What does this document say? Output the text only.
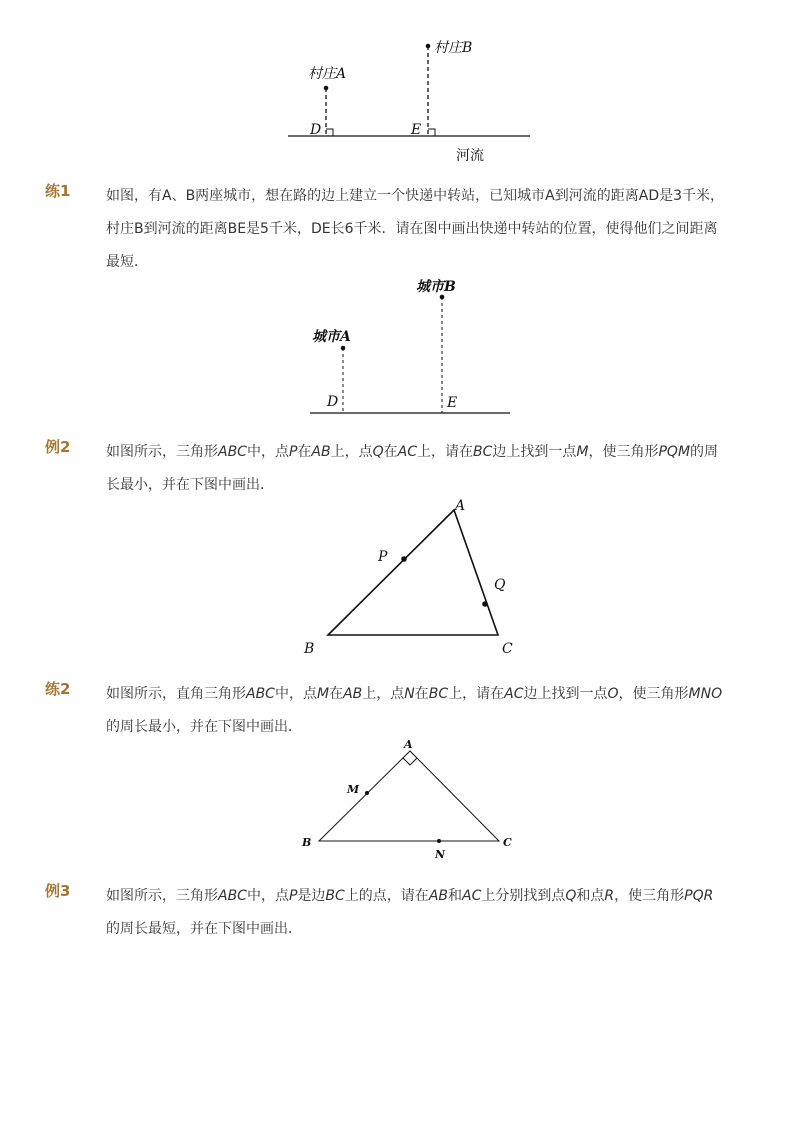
村庄A
村庄B
D	E
河流
练1	如图，有A、B两座城市，想在路的边上建立一个快递中转站，已知城市A到河流的距离AD是3千米，村庄B到河流的距离BE是5千米，DE长6千米．请在图中画出快递中转站的位置，使得他们之间距离最短．
城市A
城市B
D	E
例2	如图所示，三角形ABC中，点P在AB上，点Q在AC上，请在BC边上找到一点M，使三角形PQM的周长最小，并在下图中画出．
A
B	C
P
Q
练2	如图所示，直角三角形ABC中，点M在AB上，点N在BC上，请在AC边上找到一点O，使三角形MNO的周长最小，并在下图中画出．
A
B	C
M
N
例3	如图所示，三角形ABC中，点P是边BC上的点，请在AB和AC上分别找到点Q和点R，使三角形PQR的周长最短，并在下图中画出．
